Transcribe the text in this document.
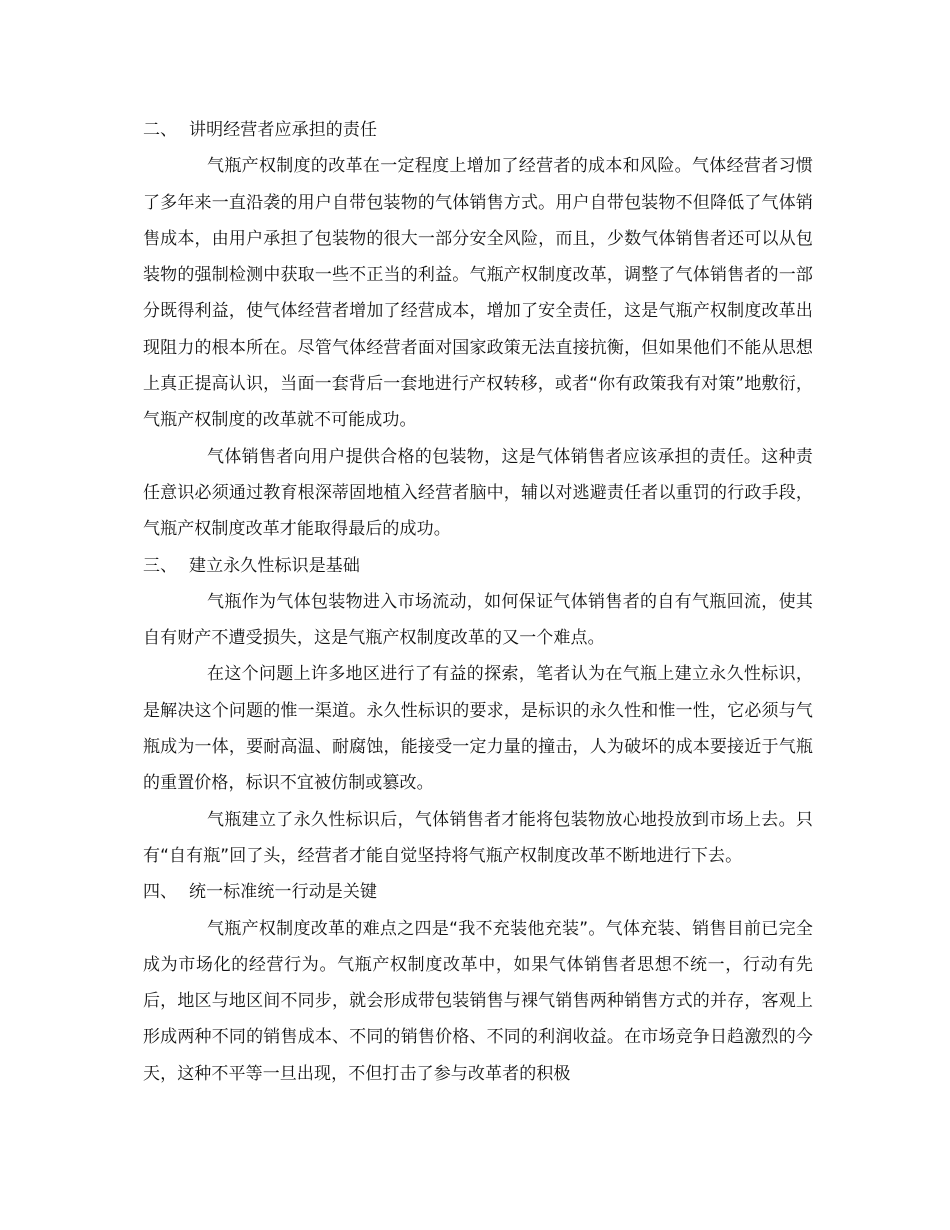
二、 讲明经营者应承担的责任

气瓶产权制度的改革在一定程度上增加了经营者的成本和风险。气体经营者习惯了多年来一直沿袭的用户自带包装物的气体销售方式。用户自带包装物不但降低了气体销售成本，由用户承担了包装物的很大一部分安全风险，而且，少数气体销售者还可以从包装物的强制检测中获取一些不正当的利益。气瓶产权制度改革，调整了气体销售者的一部分既得利益，使气体经营者增加了经营成本，增加了安全责任，这是气瓶产权制度改革出现阻力的根本所在。尽管气体经营者面对国家政策无法直接抗衡，但如果他们不能从思想上真正提高认识，当面一套背后一套地进行产权转移，或者“你有政策我有对策”地敷衍，气瓶产权制度的改革就不可能成功。

气体销售者向用户提供合格的包装物，这是气体销售者应该承担的责任。这种责任意识必须通过教育根深蒂固地植入经营者脑中，辅以对逃避责任者以重罚的行政手段，气瓶产权制度改革才能取得最后的成功。

三、 建立永久性标识是基础

气瓶作为气体包装物进入市场流动，如何保证气体销售者的自有气瓶回流，使其自有财产不遭受损失，这是气瓶产权制度改革的又一个难点。

在这个问题上许多地区进行了有益的探索，笔者认为在气瓶上建立永久性标识，是解决这个问题的惟一渠道。永久性标识的要求，是标识的永久性和惟一性，它必须与气瓶成为一体，要耐高温、耐腐蚀，能接受一定力量的撞击，人为破坏的成本要接近于气瓶的重置价格，标识不宜被仿制或篡改。

气瓶建立了永久性标识后，气体销售者才能将包装物放心地投放到市场上去。只有“自有瓶”回了头，经营者才能自觉坚持将气瓶产权制度改革不断地进行下去。

四、 统一标准统一行动是关键

气瓶产权制度改革的难点之四是“我不充装他充装”。气体充装、销售目前已完全成为市场化的经营行为。气瓶产权制度改革中，如果气体销售者思想不统一，行动有先后，地区与地区间不同步，就会形成带包装销售与裸气销售两种销售方式的并存，客观上形成两种不同的销售成本、不同的销售价格、不同的利润收益。在市场竞争日趋激烈的今天，这种不平等一旦出现，不但打击了参与改革者的积极
